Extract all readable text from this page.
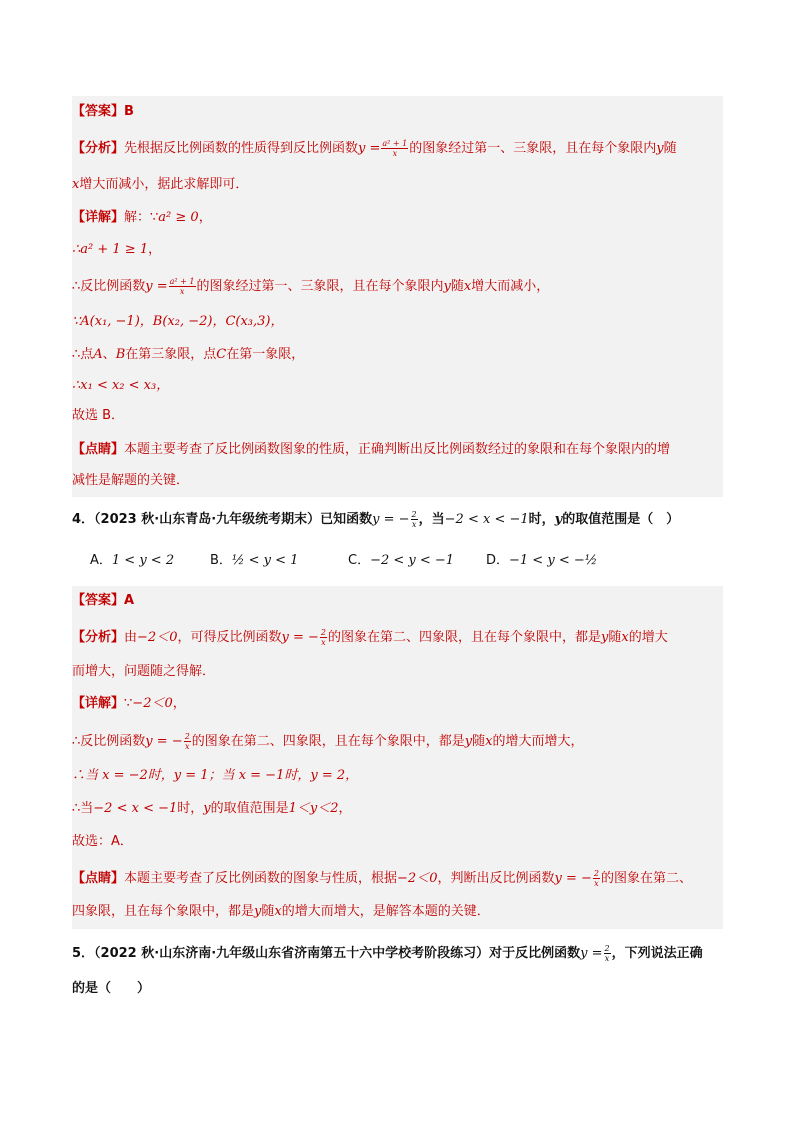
【答案】B
【分析】先根据反比例函数的性质得到反比例函数$y = \frac{\text{a² + 1}}{x}$ 的图象经过第一、三象限，且在每个象限内y随
x增大而减小，据此求解即可．
【详解】解：∵a² ≥ 0，
∴a² + 1 ≥ 1，
∴反比例函数$y = \frac{\text{a² + 1}}{x}$ 的图象经过第一、三象限，且在每个象限内y随x增大而减小，
∵A(x₁, −1)，B(x₂, −2)，C(x₃,3)，
∴点A、B在第三象限，点C在第一象限，
∴x₁ < x₂ < x₃，
故选 B．
【点睛】本题主要考查了反比例函数图象的性质，正确判断出反比例函数经过的象限和在每个象限内的增
减性是解题的关键．
4．（2023 秋·山东青岛·九年级统考期末）已知函数y = − $\frac{2}{x}$ ，当−2 < x < −1时，y的取值范围是（　）
A．1 < y < 2	B．½ < y < 1	C．−2 < y < −1 D．−1 < y < −½
【答案】A
【分析】由−2＜0，可得反比例函数y = − $\frac{2}{x}$ 的图象在第二、四象限，且在每个象限中，都是y随x的增大
而增大，问题随之得解．
【详解】∵−2＜0，
∴反比例函数y = − $\frac{2}{x}$ 的图象在第二、四象限，且在每个象限中，都是y随x的增大而增大，
∴当 x = −2时，y = 1；当 x = −1时，y = 2，
∴当−2 < x < −1时，y的取值范围是1＜y＜2，
故选：A．
【点睛】本题主要考查了反比例函数的图象与性质，根据−2＜0，判断出反比例函数y = − $\frac{2}{x}$ 的图象在第二、
四象限，且在每个象限中，都是y随x的增大而增大，是解答本题的关键．
5．（2022 秋·山东济南·九年级山东省济南第五十六中学校考阶段练习）对于反比例函数$y = \frac{2}{x}$ ，下列说法正确
的是（　　）
